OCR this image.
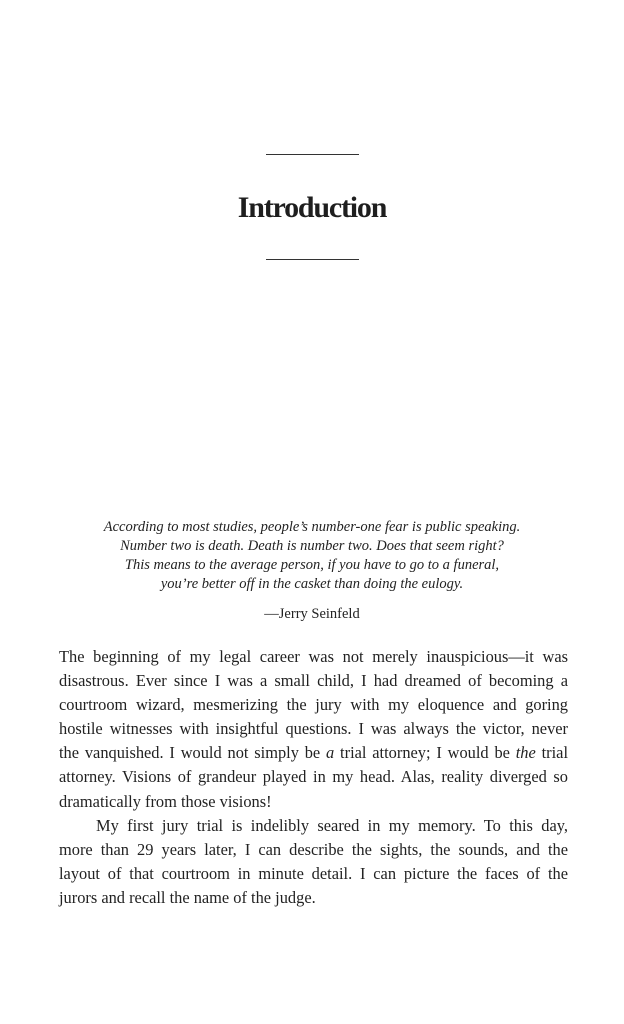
Introduction
According to most studies, people’s number-one fear is public speaking.
Number two is death. Death is number two. Does that seem right?
This means to the average person, if you have to go to a funeral,
you’re better off in the casket than doing the eulogy.
—Jerry Seinfeld

The beginning of my legal career was not merely inauspicious—it was
disastrous. Ever since I was a small child, I had dreamed of becoming a
courtroom wizard, mesmerizing the jury with my eloquence and goring
hostile witnesses with insightful questions. I was always the victor, never
the vanquished. I would not simply be a trial attorney; I would be the trial
attorney. Visions of grandeur played in my head. Alas, reality diverged so
dramatically from those visions!

My first jury trial is indelibly seared in my memory. To this day,
more than 29 years later, I can describe the sights, the sounds, and the
layout of that courtroom in minute detail. I can picture the faces of the
jurors and recall the name of the judge.
